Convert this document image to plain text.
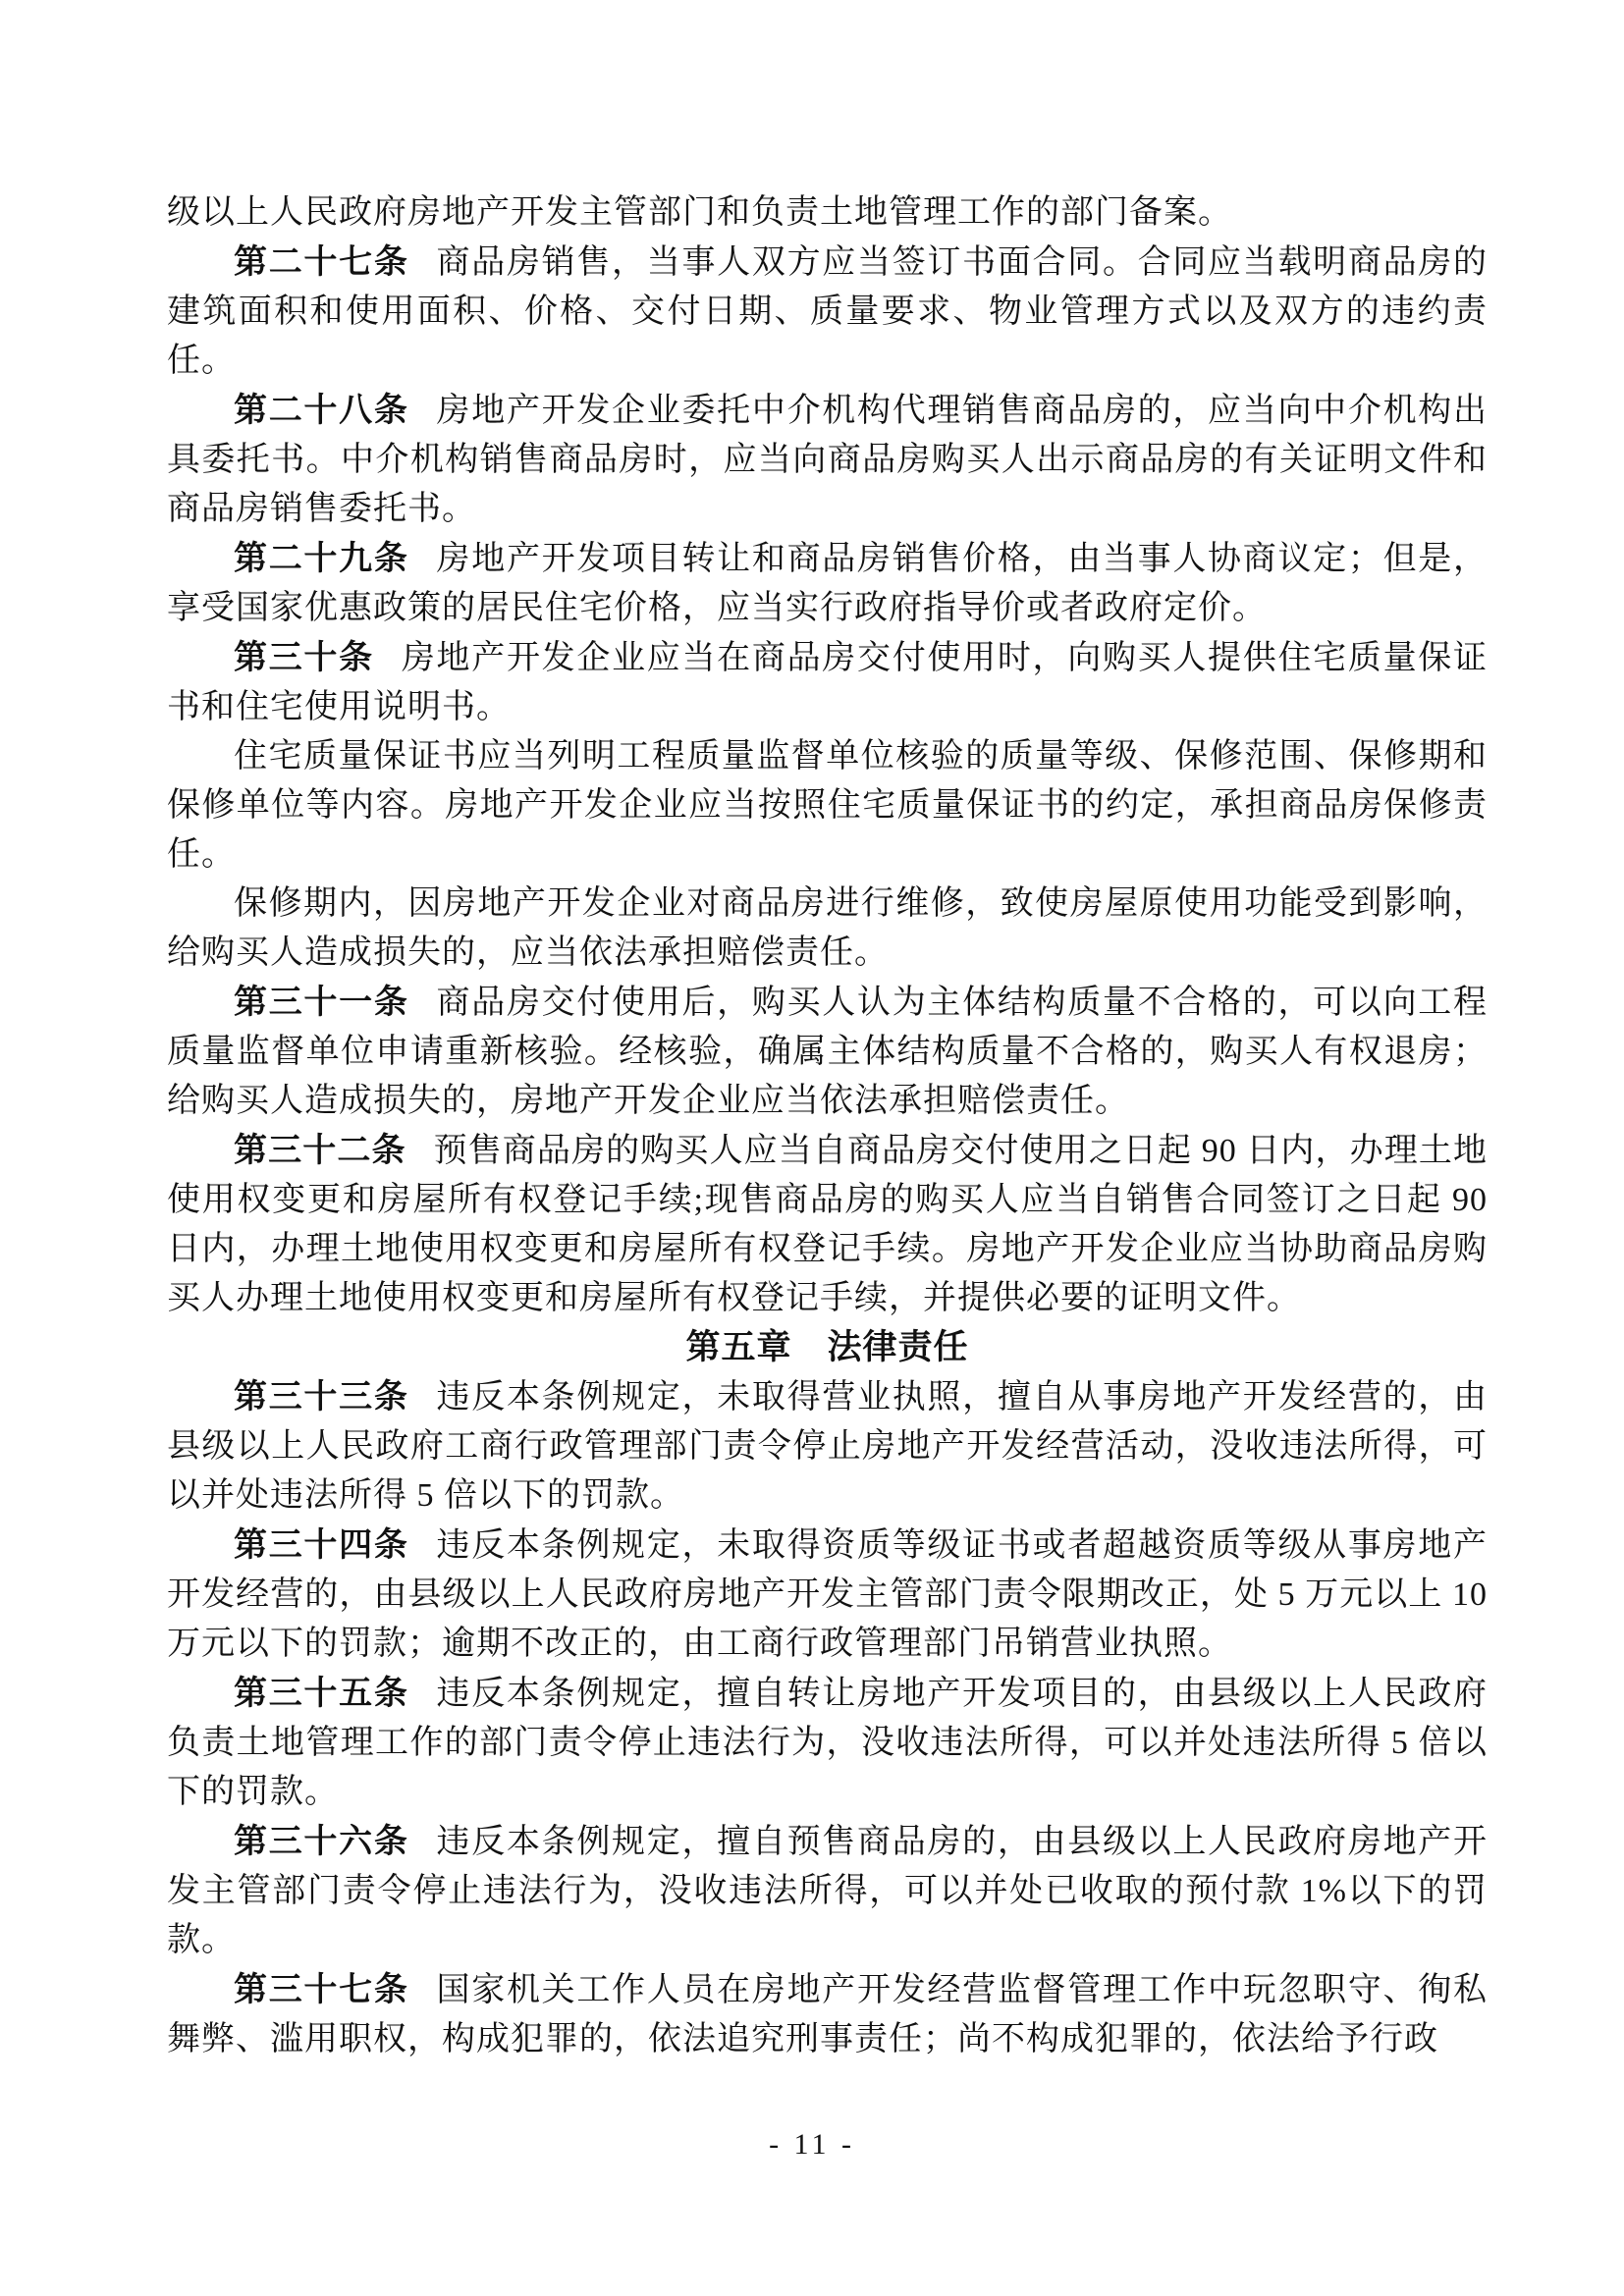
级以上人民政府房地产开发主管部门和负责土地管理工作的部门备案。

第二十七条 商品房销售，当事人双方应当签订书面合同。合同应当载明商品房的建筑面积和使用面积、价格、交付日期、质量要求、物业管理方式以及双方的违约责任。

第二十八条 房地产开发企业委托中介机构代理销售商品房的，应当向中介机构出具委托书。中介机构销售商品房时，应当向商品房购买人出示商品房的有关证明文件和商品房销售委托书。

第二十九条 房地产开发项目转让和商品房销售价格，由当事人协商议定；但是，享受国家优惠政策的居民住宅价格，应当实行政府指导价或者政府定价。

第三十条 房地产开发企业应当在商品房交付使用时，向购买人提供住宅质量保证书和住宅使用说明书。

住宅质量保证书应当列明工程质量监督单位核验的质量等级、保修范围、保修期和保修单位等内容。房地产开发企业应当按照住宅质量保证书的约定，承担商品房保修责任。

保修期内，因房地产开发企业对商品房进行维修，致使房屋原使用功能受到影响，给购买人造成损失的，应当依法承担赔偿责任。

第三十一条 商品房交付使用后，购买人认为主体结构质量不合格的，可以向工程质量监督单位申请重新核验。经核验，确属主体结构质量不合格的，购买人有权退房；给购买人造成损失的，房地产开发企业应当依法承担赔偿责任。

第三十二条 预售商品房的购买人应当自商品房交付使用之日起 90 日内，办理土地使用权变更和房屋所有权登记手续;现售商品房的购买人应当自销售合同签订之日起 90 日内，办理土地使用权变更和房屋所有权登记手续。房地产开发企业应当协助商品房购买人办理土地使用权变更和房屋所有权登记手续，并提供必要的证明文件。

第五章　法律责任

第三十三条 违反本条例规定，未取得营业执照，擅自从事房地产开发经营的，由县级以上人民政府工商行政管理部门责令停止房地产开发经营活动，没收违法所得，可以并处违法所得 5 倍以下的罚款。

第三十四条 违反本条例规定，未取得资质等级证书或者超越资质等级从事房地产开发经营的，由县级以上人民政府房地产开发主管部门责令限期改正，处 5 万元以上 10 万元以下的罚款；逾期不改正的，由工商行政管理部门吊销营业执照。

第三十五条 违反本条例规定，擅自转让房地产开发项目的，由县级以上人民政府负责土地管理工作的部门责令停止违法行为，没收违法所得，可以并处违法所得 5 倍以下的罚款。

第三十六条 违反本条例规定，擅自预售商品房的，由县级以上人民政府房地产开发主管部门责令停止违法行为，没收违法所得，可以并处已收取的预付款 1%以下的罚款。

第三十七条 国家机关工作人员在房地产开发经营监督管理工作中玩忽职守、徇私舞弊、滥用职权，构成犯罪的，依法追究刑事责任；尚不构成犯罪的，依法给予行政

- 11 -
